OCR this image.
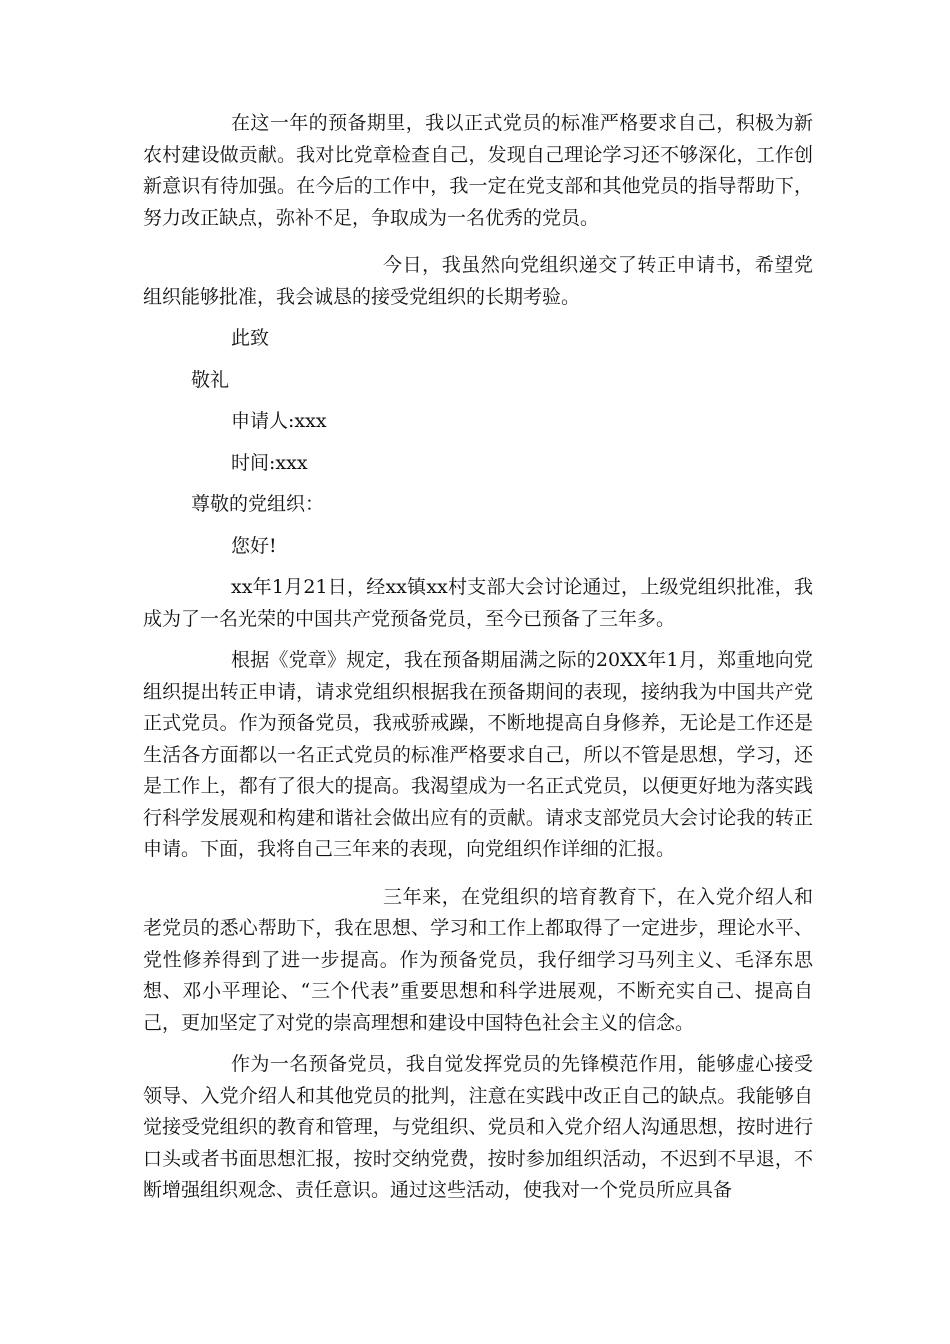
在这一年的预备期里，我以正式党员的标准严格要求自己，积极为新农村建设做贡献。我对比党章检查自己，发现自己理论学习还不够深化，工作创新意识有待加强。在今后的工作中，我一定在党支部和其他党员的指导帮助下，努力改正缺点，弥补不足，争取成为一名优秀的党员。

今日，我虽然向党组织递交了转正申请书，希望党组织能够批准，我会诚恳的接受党组织的长期考验。

此致

敬礼

申请人:xxx

时间:xxx

尊敬的党组织：

您好!

xx年1月21日，经xx镇xx村支部大会讨论通过，上级党组织批准，我成为了一名光荣的中国共产党预备党员，至今已预备了三年多。

根据《党章》规定，我在预备期届满之际的20XX年1月，郑重地向党组织提出转正申请，请求党组织根据我在预备期间的表现，接纳我为中国共产党正式党员。作为预备党员，我戒骄戒躁，不断地提高自身修养，无论是工作还是生活各方面都以一名正式党员的标准严格要求自己，所以不管是思想，学习，还是工作上，都有了很大的提高。我渴望成为一名正式党员，以便更好地为落实践行科学发展观和构建和谐社会做出应有的贡献。请求支部党员大会讨论我的转正申请。下面，我将自己三年来的表现，向党组织作详细的汇报。

三年来，在党组织的培育教育下，在入党介绍人和老党员的悉心帮助下，我在思想、学习和工作上都取得了一定进步，理论水平、党性修养得到了进一步提高。作为预备党员，我仔细学习马列主义、毛泽东思想、邓小平理论、“三个代表”重要思想和科学进展观，不断充实自己、提高自己，更加坚定了对党的崇高理想和建设中国特色社会主义的信念。

作为一名预备党员，我自觉发挥党员的先锋模范作用，能够虚心接受领导、入党介绍人和其他党员的批判，注意在实践中改正自己的缺点。我能够自觉接受党组织的教育和管理，与党组织、党员和入党介绍人沟通思想，按时进行口头或者书面思想汇报，按时交纳党费，按时参加组织活动，不迟到不早退，不断增强组织观念、责任意识。通过这些活动，使我对一个党员所应具备
